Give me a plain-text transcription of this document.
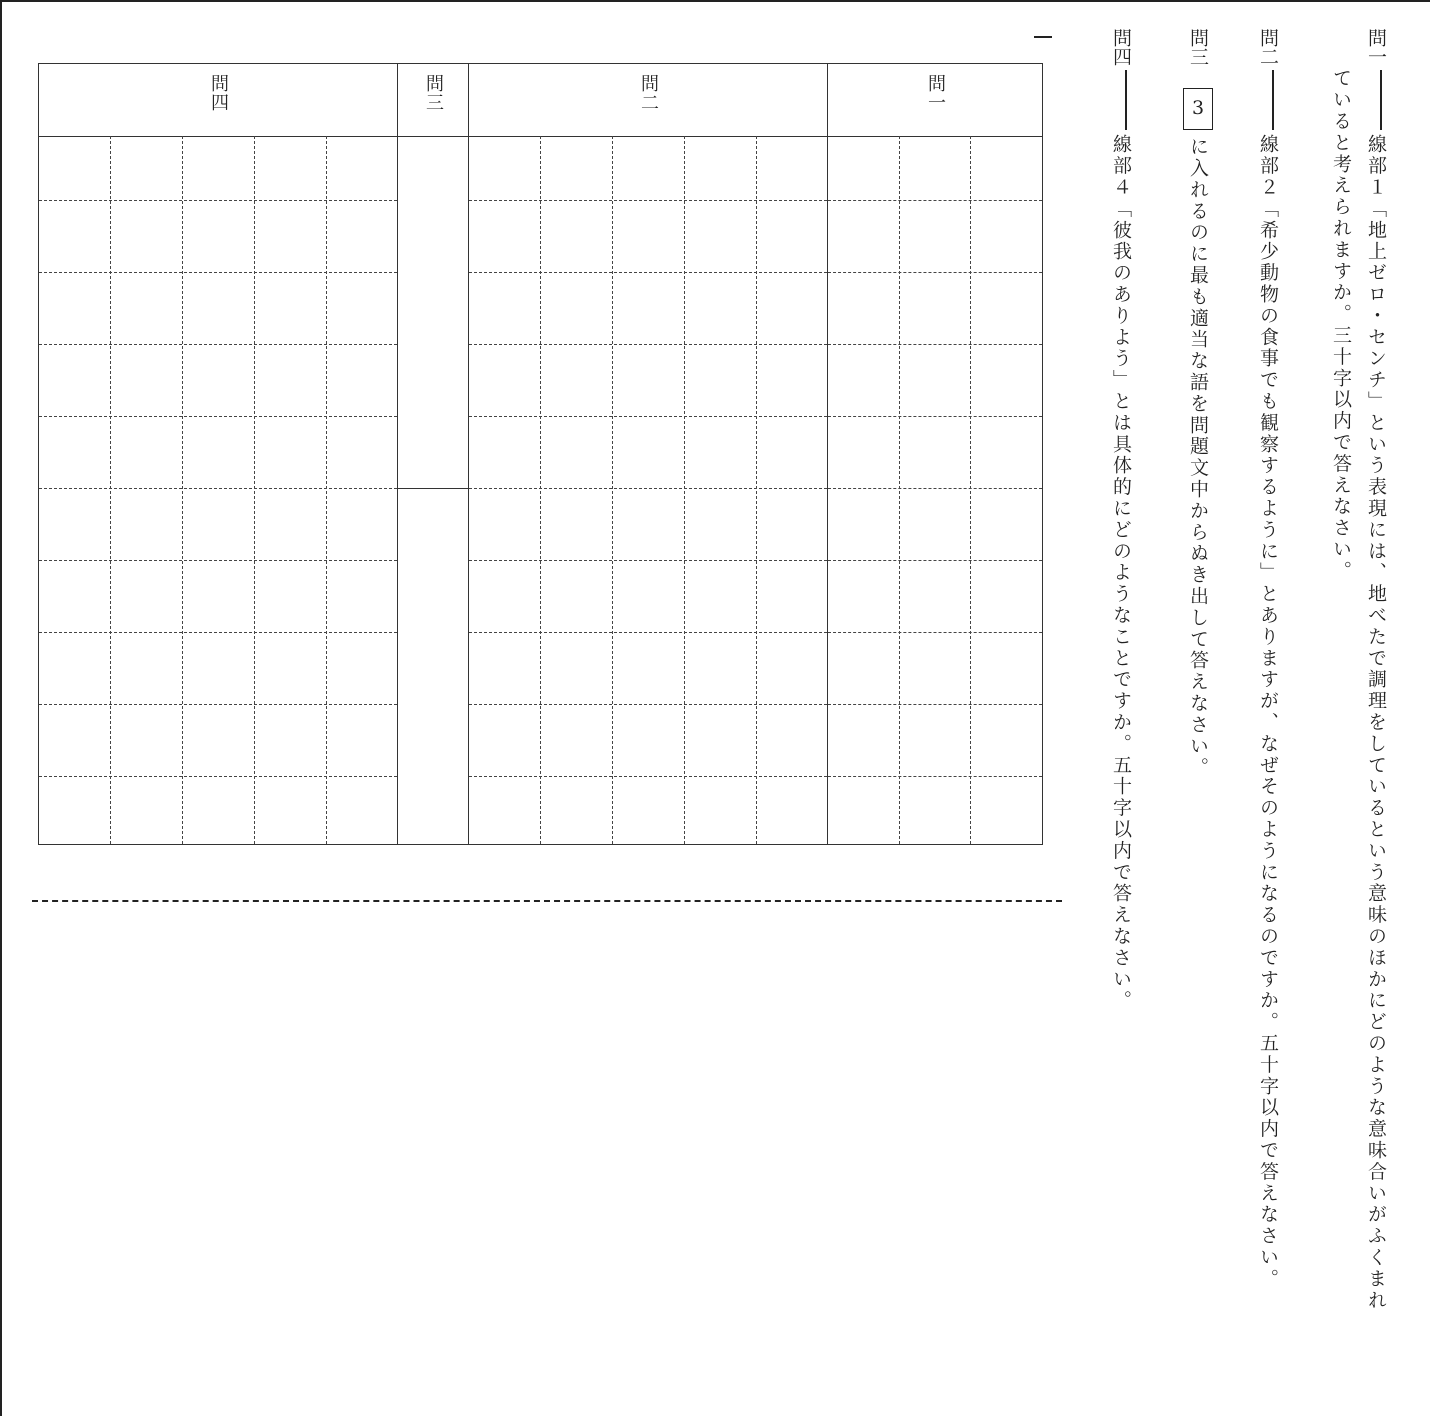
問一線部１「地上ゼロ・センチ」という表現には、地べたで調理をしているという意味のほかにどのような意味合いがふくまれ
ていると考えられますか。三十字以内で答えなさい。
問二線部２「希少動物の食事でも観察するように」とありますが、なぜそのようになるのですか。五十字以内で答えなさい。
問三3に入れるのに最も適当な語を問題文中からぬき出して答えなさい。
問四線部４「彼我のありよう」とは具体的にどのようなことですか。五十字以内で答えなさい。
問一
問二
問三
問四
